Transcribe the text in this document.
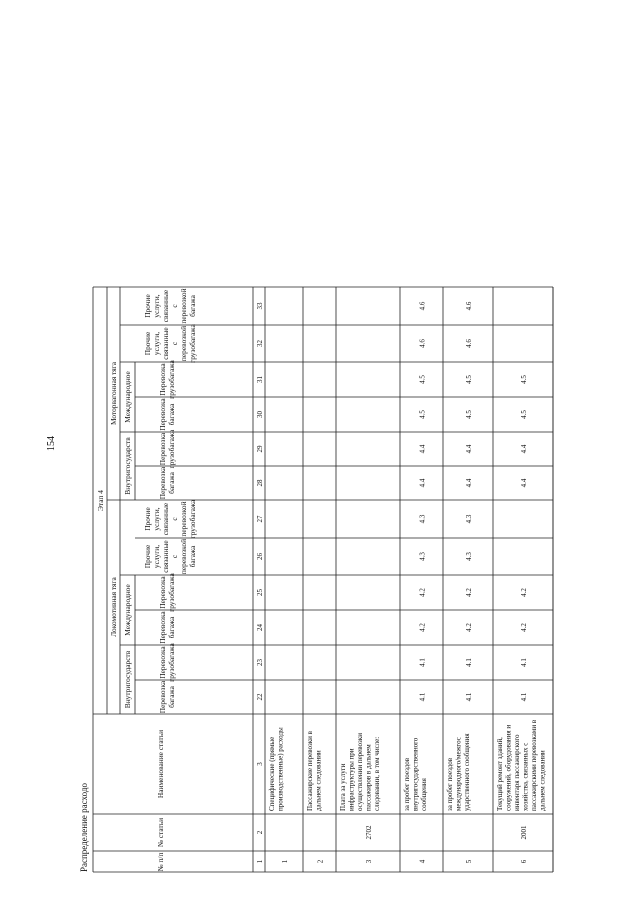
154
Этап 4
Локомотивная тяга
Моторвагонная тяга
Внутригосударств
Международное
Внутригосударств
Международное
№ п/п
№ статьи
Наименование статьи
Перевозкабагажа
Перевозкагрузобагажа
Перевозкабагажа
Перевозкагрузобагажа
Прочиеуслуги,связанныесперевозкойбагажа
Прочиеуслуги,связанныесперевозкойгрузобагажа
Перевозкабагажа
Перевозкагрузобагажа
Перевозкабагажа
Перевозкагрузобагажа
Прочиеуслуги,связанныесперевозкойгрузобагажа
Прочиеуслуги,связанныесперевозкойбагажа
1
2
3
22
23
24
25
26
27
28
29
30
31
32
33
1
Специфические (прямыепроизводственные) расходы
2
Пассажирские перевозки вдальнем следовании
3
2702
Плата за услугиинфраструктуры приосуществлении перевозкипассажиров в дальнемследовании, в том числе:
4
за пробег поездоввнутригосударственногосообщения
4.1
4.1
4.2
4.2
4.3
4.3
4.4
4.4
4.5
4.5
4.6
4.6
5
за пробег поездовмеждународного/межгосударственного сообщения
4.1
4.1
4.2
4.2
4.3
4.3
4.4
4.4
4.5
4.5
4.6
4.6
6
2001
Текущий ремонт зданий,сооружений, оборудования иинвентаря пассажирскогохозяйства, связанных спассажирскими перевозками вдальнем следовании
4.1
4.1
4.2
4.2
4.4
4.4
4.5
4.5
Распределение расходо
